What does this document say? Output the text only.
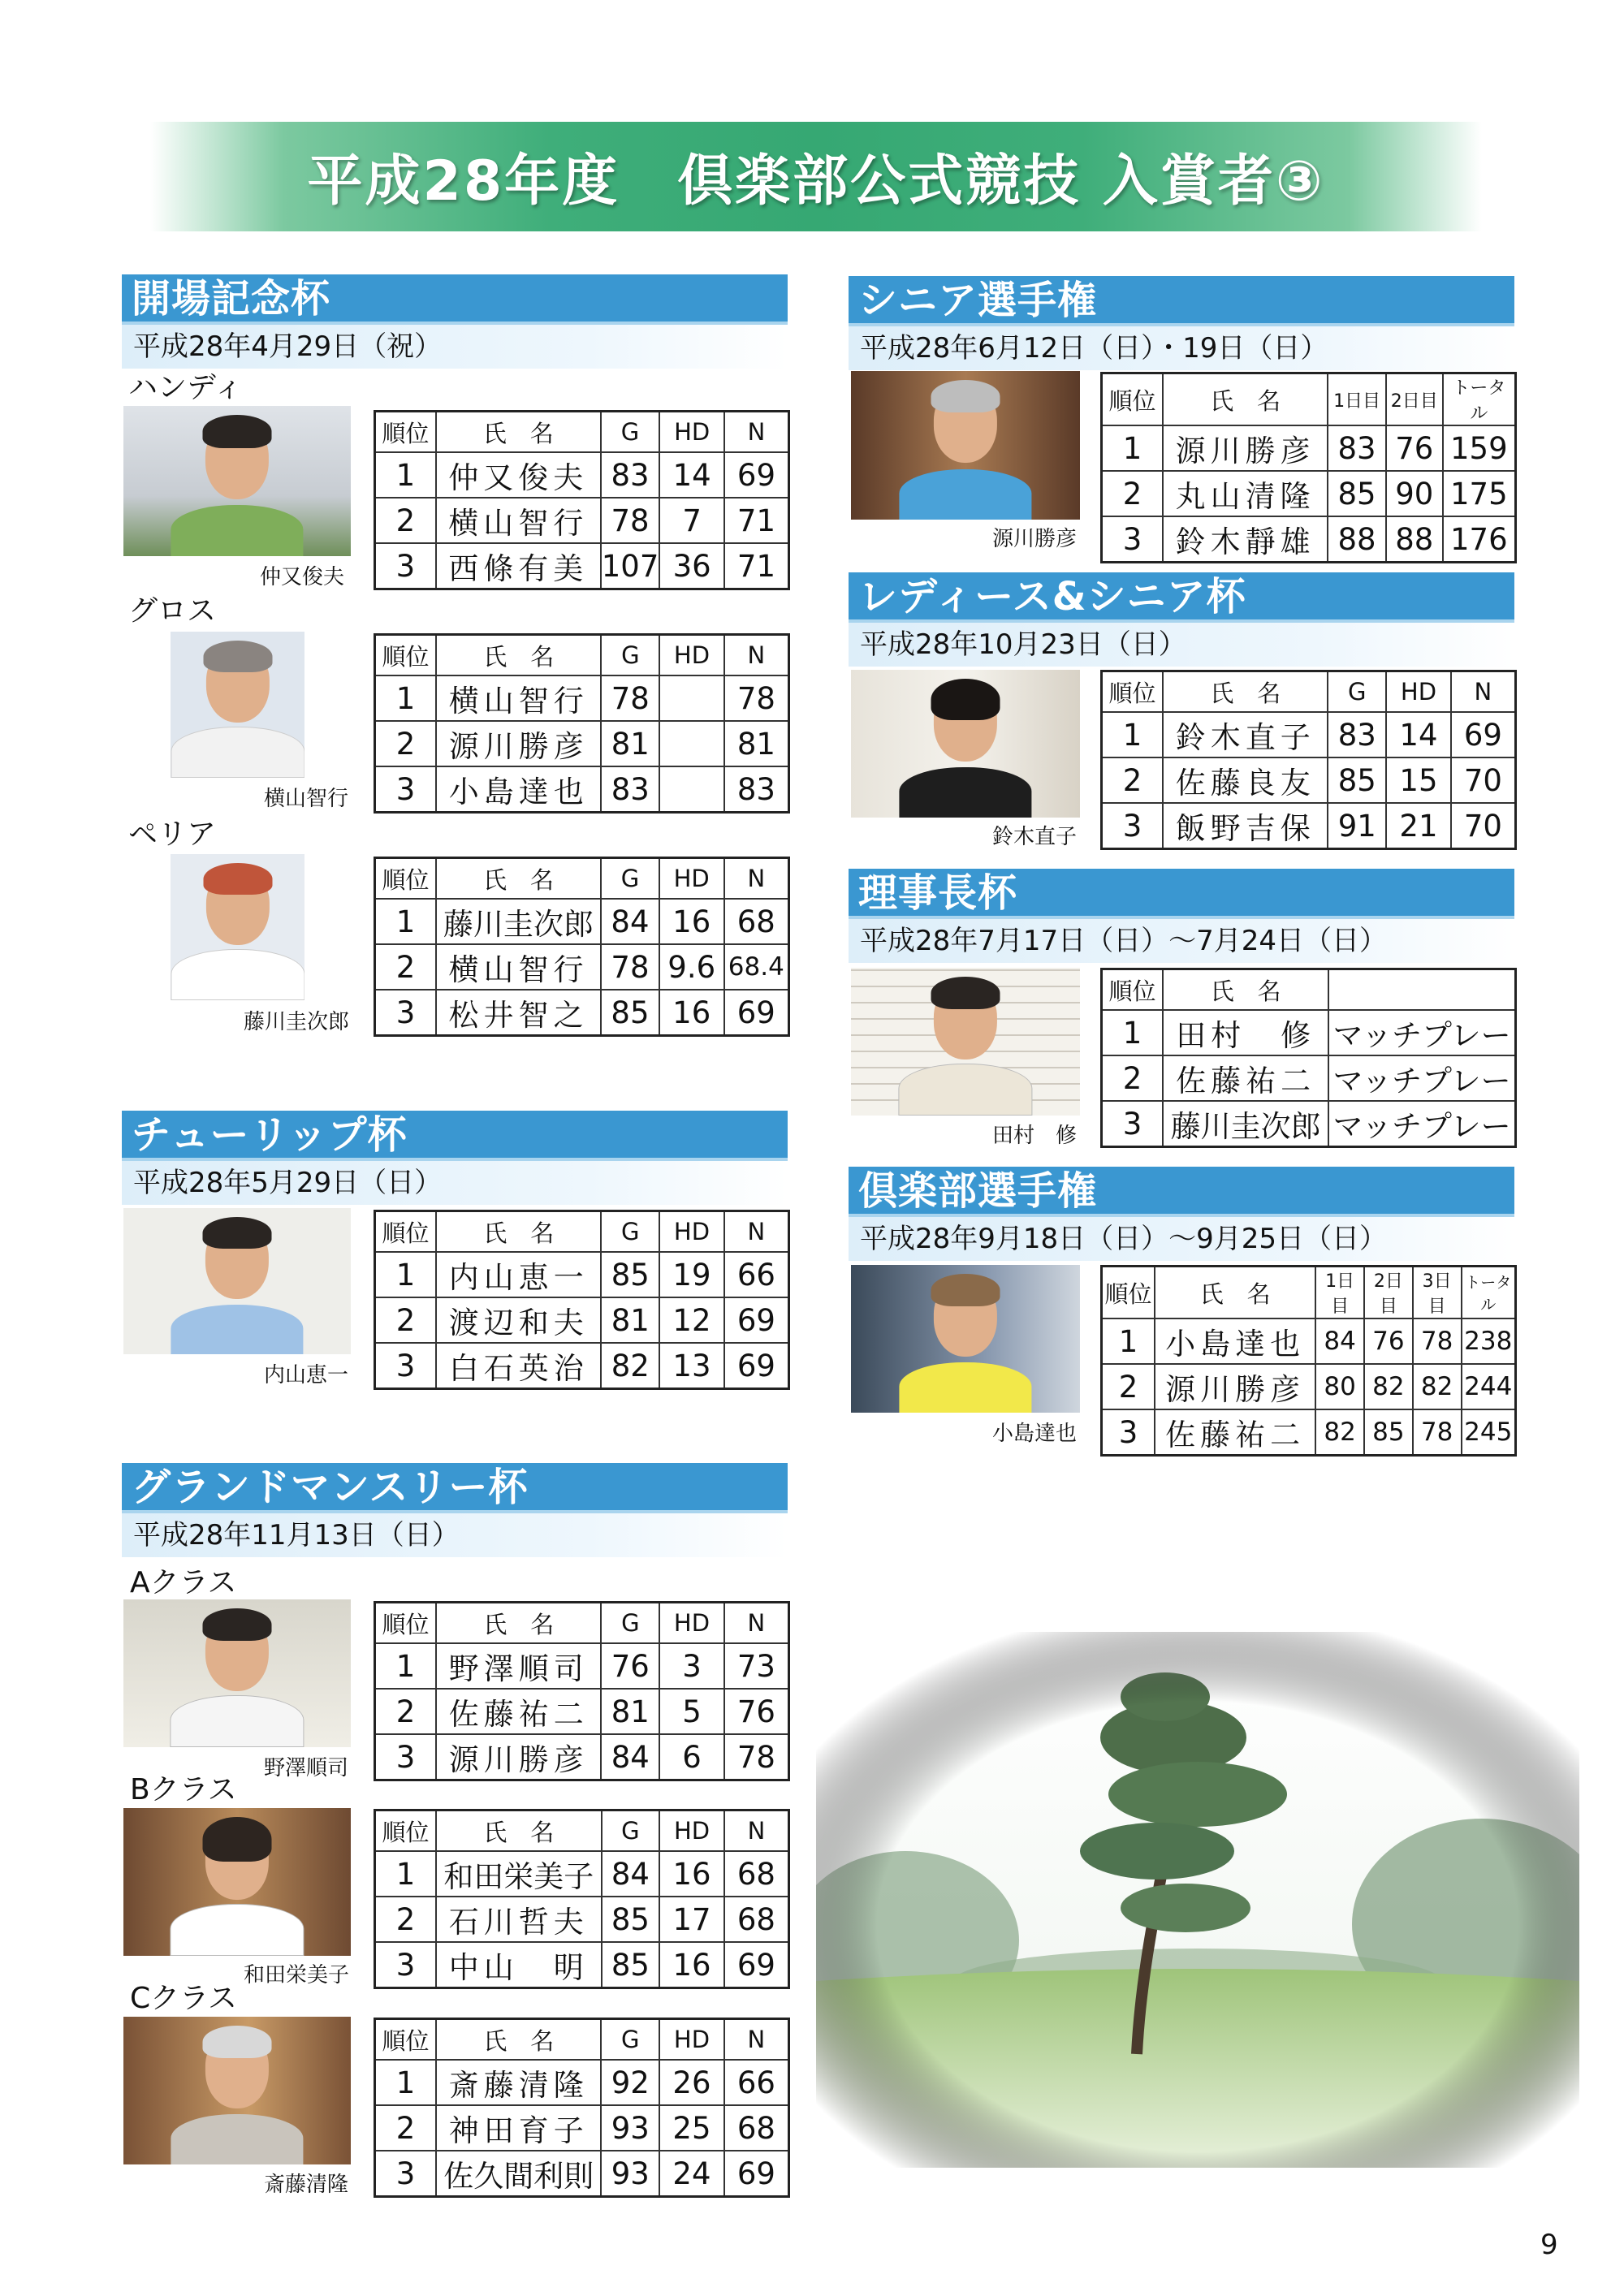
平成28年度　倶楽部公式競技 入賞者③
開場記念杯
平成28年4月29日（祝）
ハンディ
仲又俊夫
順位	氏　名	G	HD	N
1	仲又俊夫	83	14	69
2	横山智行	78	7	71
3	西條有美	107	36	71
グロス
横山智行
順位	氏　名	G	HD	N
1	横山智行	78		78
2	源川勝彦	81		81
3	小島達也	83		83
ペリア
藤川圭次郎
順位	氏　名	G	HD	N
1	藤川圭次郎	84	16	68
2	横山智行	78	9.6	68.4
3	松井智之	85	16	69
チューリップ杯
平成28年5月29日（日）
内山恵一
順位	氏　名	G	HD	N
1	内山恵一	85	19	66
2	渡辺和夫	81	12	69
3	白石英治	82	13	69
グランドマンスリー杯
平成28年11月13日（日）
Aクラス
野澤順司
順位	氏　名	G	HD	N
1	野澤順司	76	3	73
2	佐藤祐二	81	5	76
3	源川勝彦	84	6	78
Bクラス
和田栄美子
順位	氏　名	G	HD	N
1	和田栄美子	84	16	68
2	石川哲夫	85	17	68
3	中山　明	85	16	69
Cクラス
斎藤清隆
順位	氏　名	G	HD	N
1	斎藤清隆	92	26	66
2	神田育子	93	25	68
3	佐久間利則	93	24	69
シニア選手権
平成28年6月12日（日）・19日（日）
源川勝彦
順位	氏　名	1日目	2日目	トータル
1	源川勝彦	83	76	159
2	丸山清隆	85	90	175
3	鈴木靜雄	88	88	176
レディース&シニア杯
平成28年10月23日（日）
鈴木直子
順位	氏　名	G	HD	N
1	鈴木直子	83	14	69
2	佐藤良友	85	15	70
3	飯野吉保	91	21	70
理事長杯
平成28年7月17日（日）～7月24日（日）
田村　修
順位	氏　名	
1	田村　修	マッチプレー
2	佐藤祐二	マッチプレー
3	藤川圭次郎	マッチプレー
倶楽部選手権
平成28年9月18日（日）～9月25日（日）
小島達也
順位	氏　名	1日目	2日目	3日目	トータル
1	小島達也	84	76	78	238
2	源川勝彦	80	82	82	244
3	佐藤祐二	82	85	78	245
9
